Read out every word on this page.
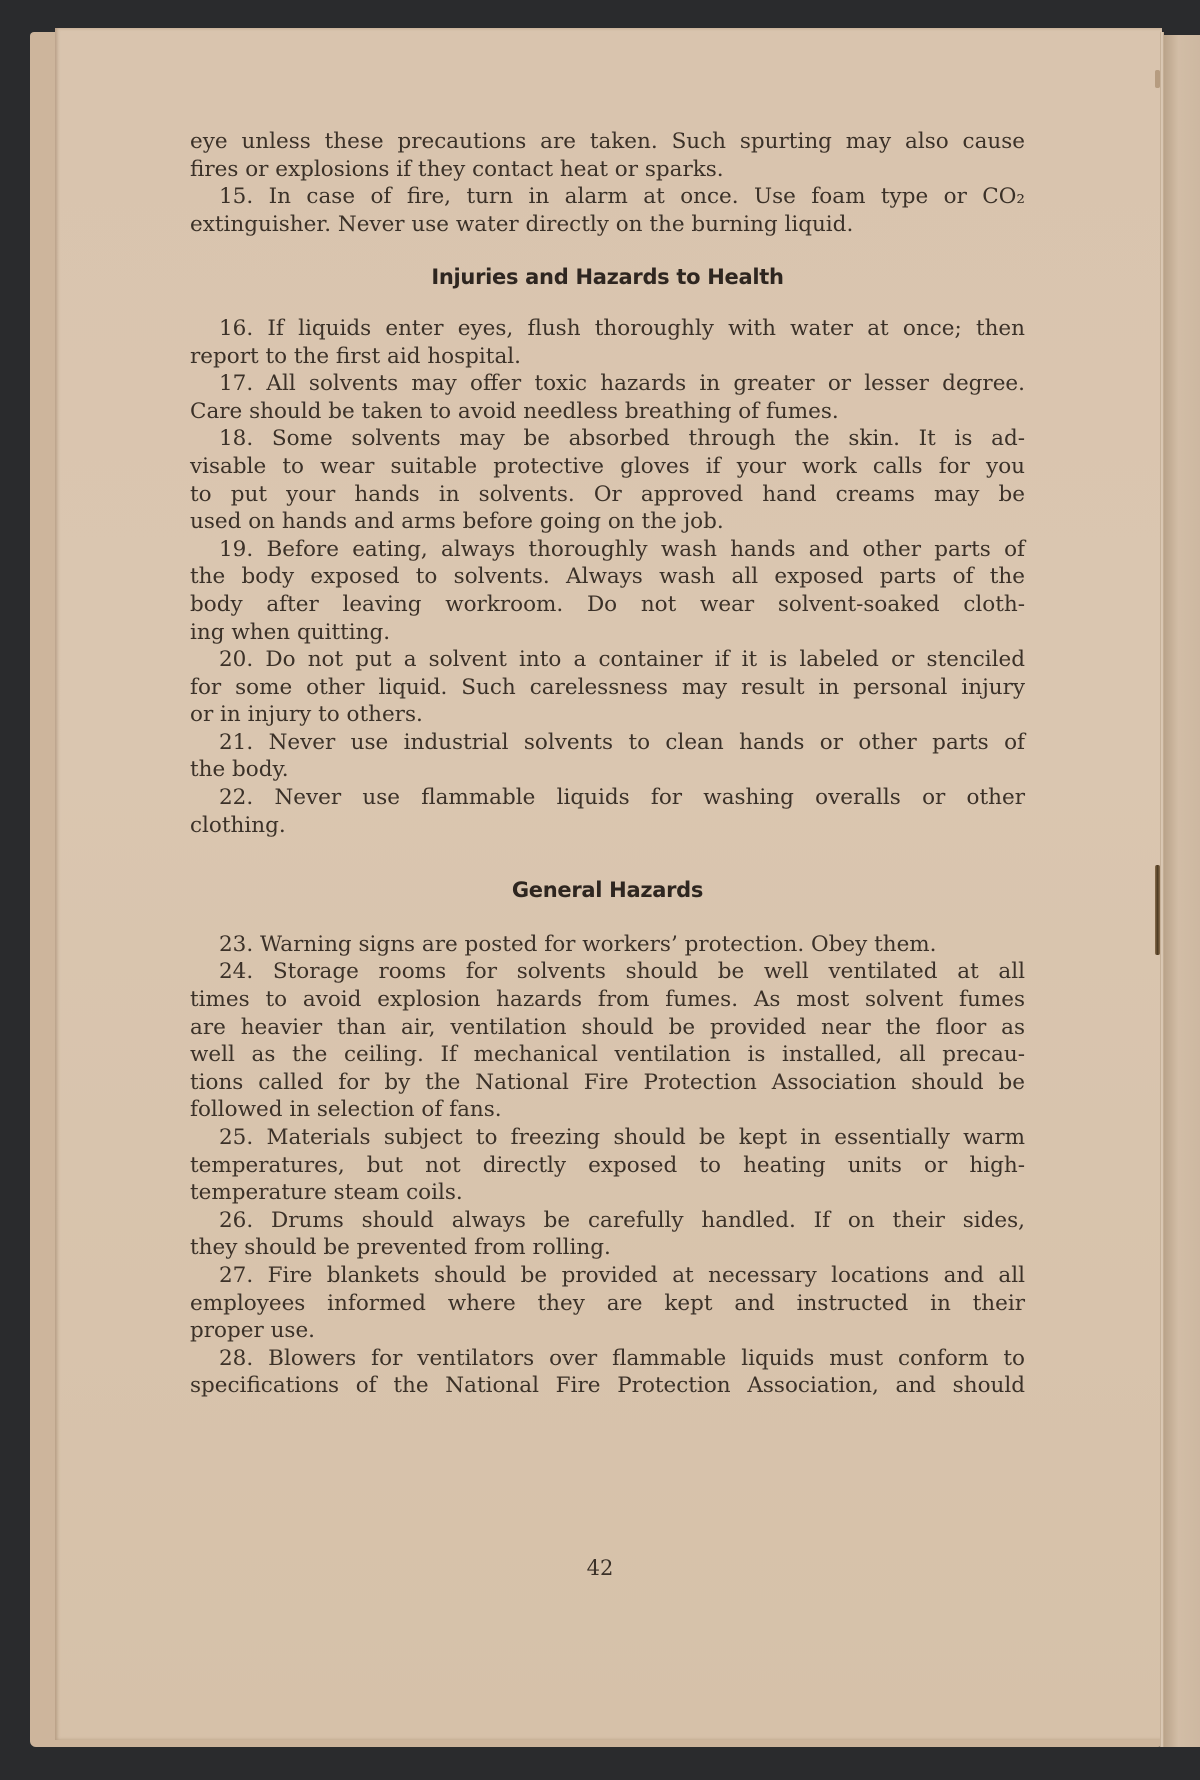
eye unless these precautions are taken. Such spurting may also cause
fires or explosions if they contact heat or sparks.
15. In case of fire, turn in alarm at once. Use foam type or CO₂
extinguisher. Never use water directly on the burning liquid.
Injuries and Hazards to Health
16. If liquids enter eyes, flush thoroughly with water at once; then
report to the first aid hospital.
17. All solvents may offer toxic hazards in greater or lesser degree.
Care should be taken to avoid needless breathing of fumes.
18. Some solvents may be absorbed through the skin. It is ad-
visable to wear suitable protective gloves if your work calls for you
to put your hands in solvents. Or approved hand creams may be
used on hands and arms before going on the job.
19. Before eating, always thoroughly wash hands and other parts of
the body exposed to solvents. Always wash all exposed parts of the
body after leaving workroom. Do not wear solvent-soaked cloth-
ing when quitting.
20. Do not put a solvent into a container if it is labeled or stenciled
for some other liquid. Such carelessness may result in personal injury
or in injury to others.
21. Never use industrial solvents to clean hands or other parts of
the body.
22. Never use flammable liquids for washing overalls or other
clothing.
General Hazards
23. Warning signs are posted for workers’ protection. Obey them.
24. Storage rooms for solvents should be well ventilated at all
times to avoid explosion hazards from fumes. As most solvent fumes
are heavier than air, ventilation should be provided near the floor as
well as the ceiling. If mechanical ventilation is installed, all precau-
tions called for by the National Fire Protection Association should be
followed in selection of fans.
25. Materials subject to freezing should be kept in essentially warm
temperatures, but not directly exposed to heating units or high-
temperature steam coils.
26. Drums should always be carefully handled. If on their sides,
they should be prevented from rolling.
27. Fire blankets should be provided at necessary locations and all
employees informed where they are kept and instructed in their
proper use.
28. Blowers for ventilators over flammable liquids must conform to
specifications of the National Fire Protection Association, and should
42
